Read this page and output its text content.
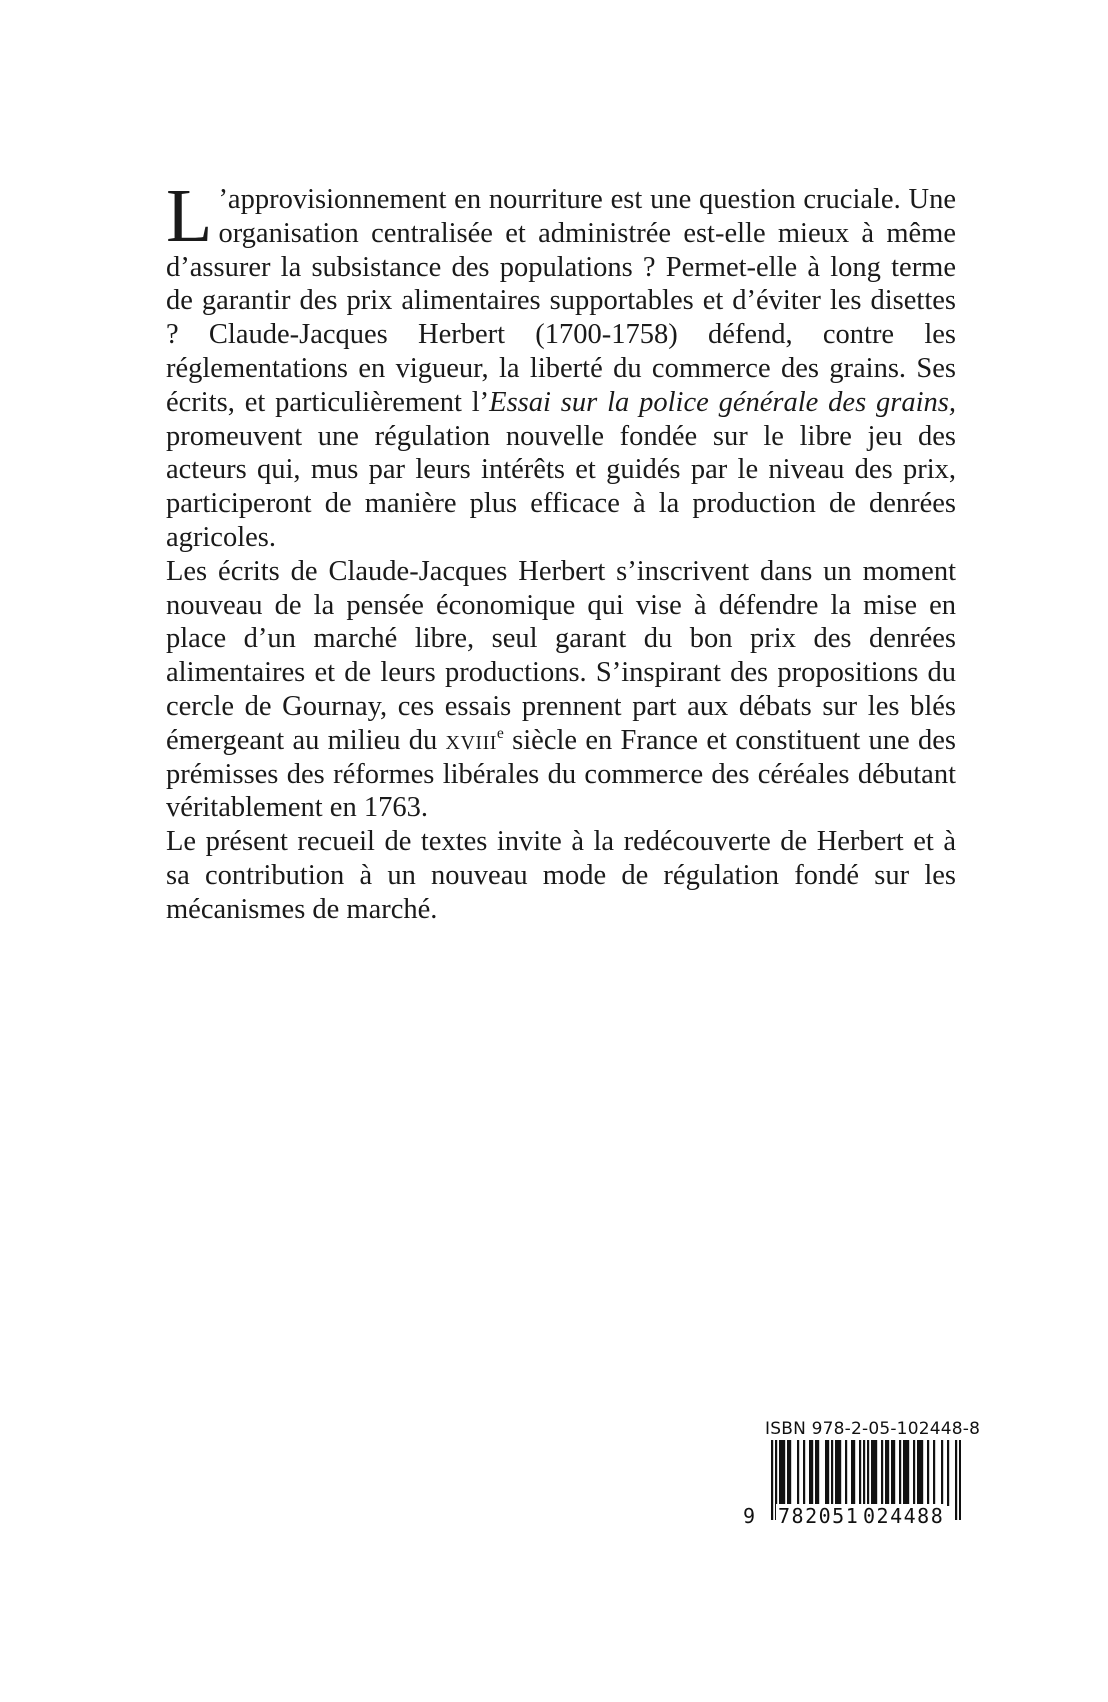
L ’approvisionnement en nourriture est une question cruciale. Une organisation centralisée et administrée est-elle mieux à même d’assurer la subsistance des populations ? Permet-elle à long terme de garantir des prix alimentaires supportables et d’éviter les disettes ? Claude-Jacques Herbert (1700-1758) défend, contre les réglementations en vigueur, la liberté du commerce des grains. Ses écrits, et particulièrement l’Essai sur la police générale des grains, promeuvent une régulation nouvelle fondée sur le libre jeu des acteurs qui, mus par leurs intérêts et guidés par le niveau des prix, participeront de manière plus efficace à la production de denrées agricoles.

Les écrits de Claude-Jacques Herbert s’inscrivent dans un moment nouveau de la pensée économique qui vise à défendre la mise en place d’un marché libre, seul garant du bon prix des denrées alimentaires et de leurs productions. S’inspirant des propositions du cercle de Gournay, ces essais prennent part aux débats sur les blés émergeant au milieu du xviii$^e$ siècle en France et constituent une des prémisses des réformes libérales du commerce des céréales débutant véritablement en 1763.

Le présent recueil de textes invite à la redécouverte de Herbert et à sa contribution à un nouveau mode de régulation fondé sur les mécanismes de marché.

ISBN 978-2-05-102448-8
9 782051 024488
